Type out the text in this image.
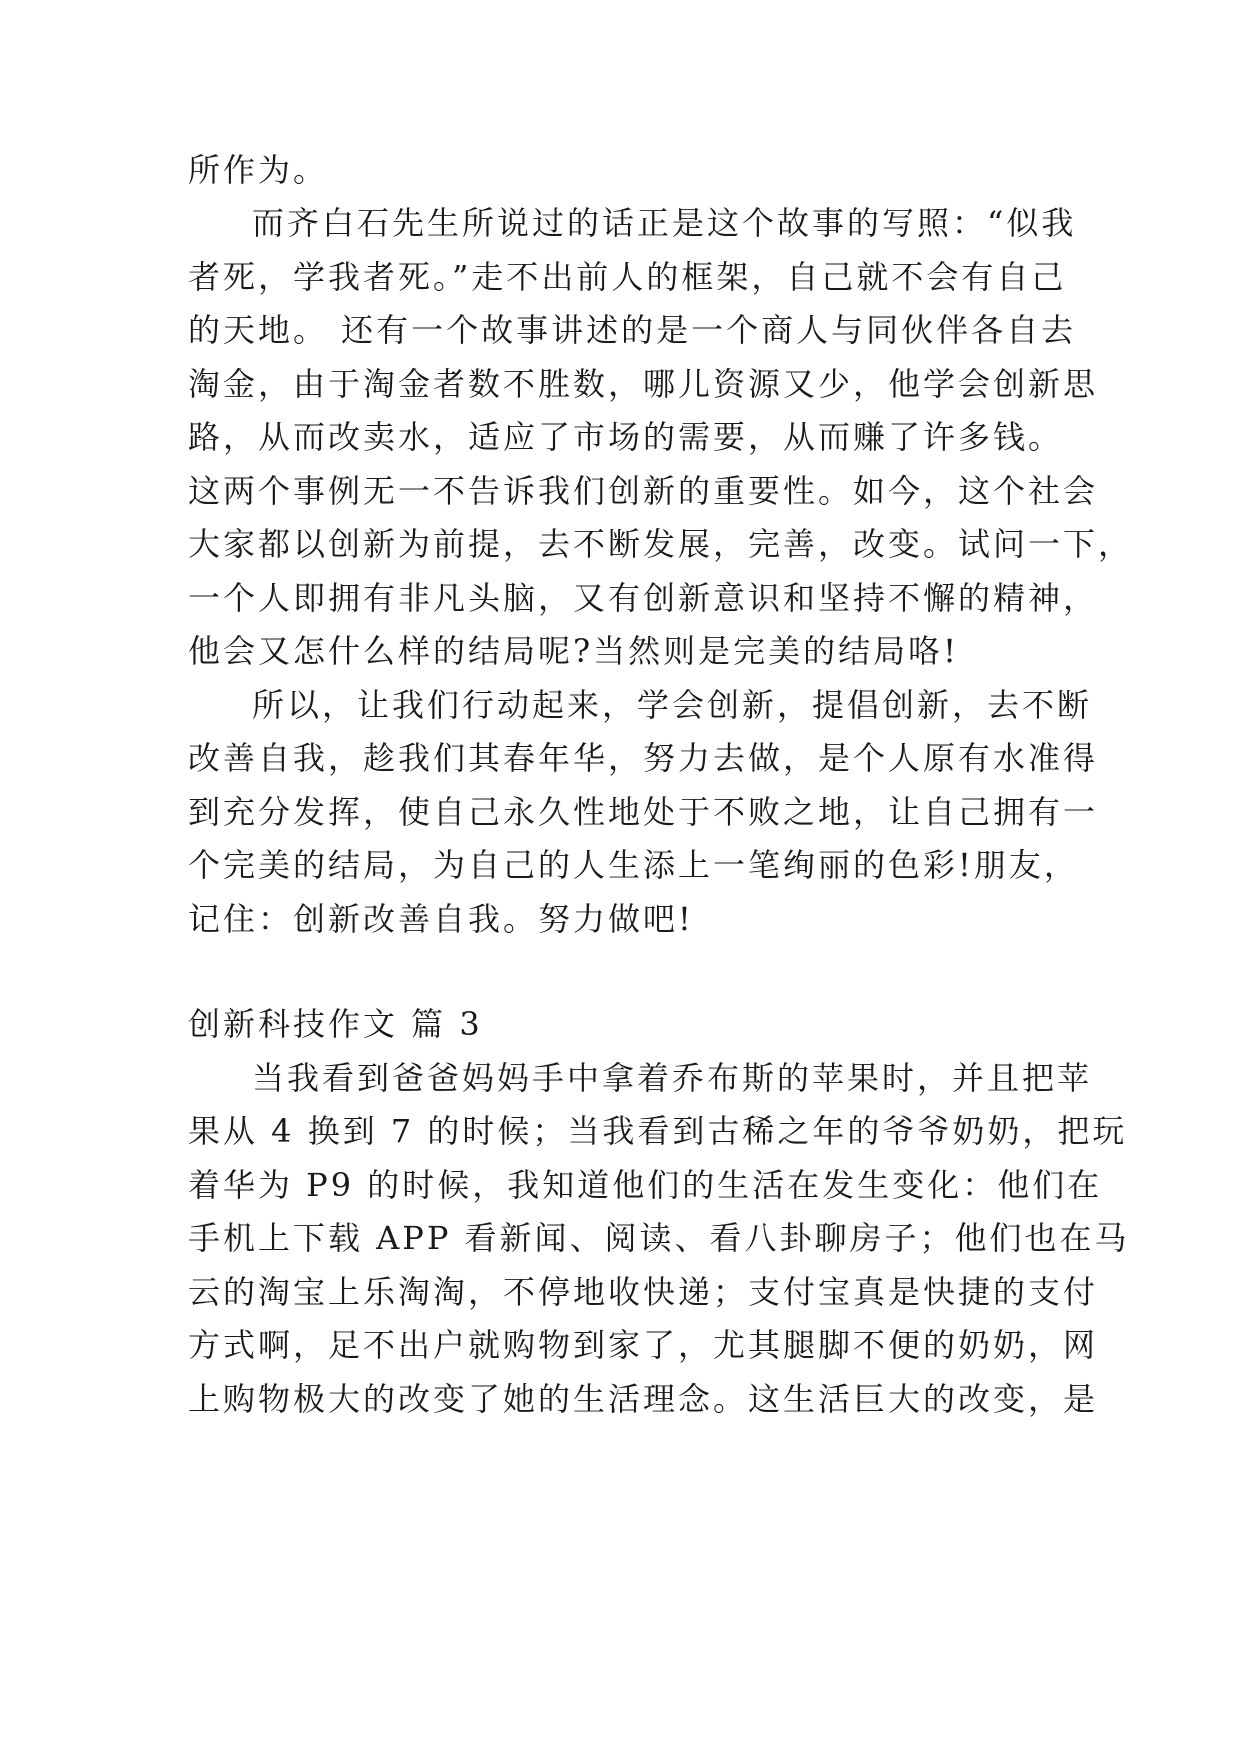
所作为。
而齐白石先生所说过的话正是这个故事的写照：“似我
者死，学我者死。”走不出前人的框架，自己就不会有自己
的天地。 还有一个故事讲述的是一个商人与同伙伴各自去
淘金，由于淘金者数不胜数，哪儿资源又少，他学会创新思
路，从而改卖水，适应了市场的需要，从而赚了许多钱。
这两个事例无一不告诉我们创新的重要性。如今，这个社会
大家都以创新为前提，去不断发展，完善，改变。试问一下，
一个人即拥有非凡头脑，又有创新意识和坚持不懈的精神，
他会又怎什么样的结局呢?当然则是完美的结局咯!
所以，让我们行动起来，学会创新，提倡创新，去不断
改善自我，趁我们其春年华，努力去做，是个人原有水准得
到充分发挥，使自己永久性地处于不败之地，让自己拥有一
个完美的结局，为自己的人生添上一笔绚丽的色彩!朋友，
记住：创新改善自我。努力做吧!
创新科技作文 篇 3
当我看到爸爸妈妈手中拿着乔布斯的苹果时，并且把苹
果从 4 换到 7 的时候；当我看到古稀之年的爷爷奶奶，把玩
着华为 P9 的时候，我知道他们的生活在发生变化：他们在
手机上下载 APP 看新闻、阅读、看八卦聊房子；他们也在马
云的淘宝上乐淘淘，不停地收快递；支付宝真是快捷的支付
方式啊，足不出户就购物到家了，尤其腿脚不便的奶奶，网
上购物极大的改变了她的生活理念。这生活巨大的改变，是
